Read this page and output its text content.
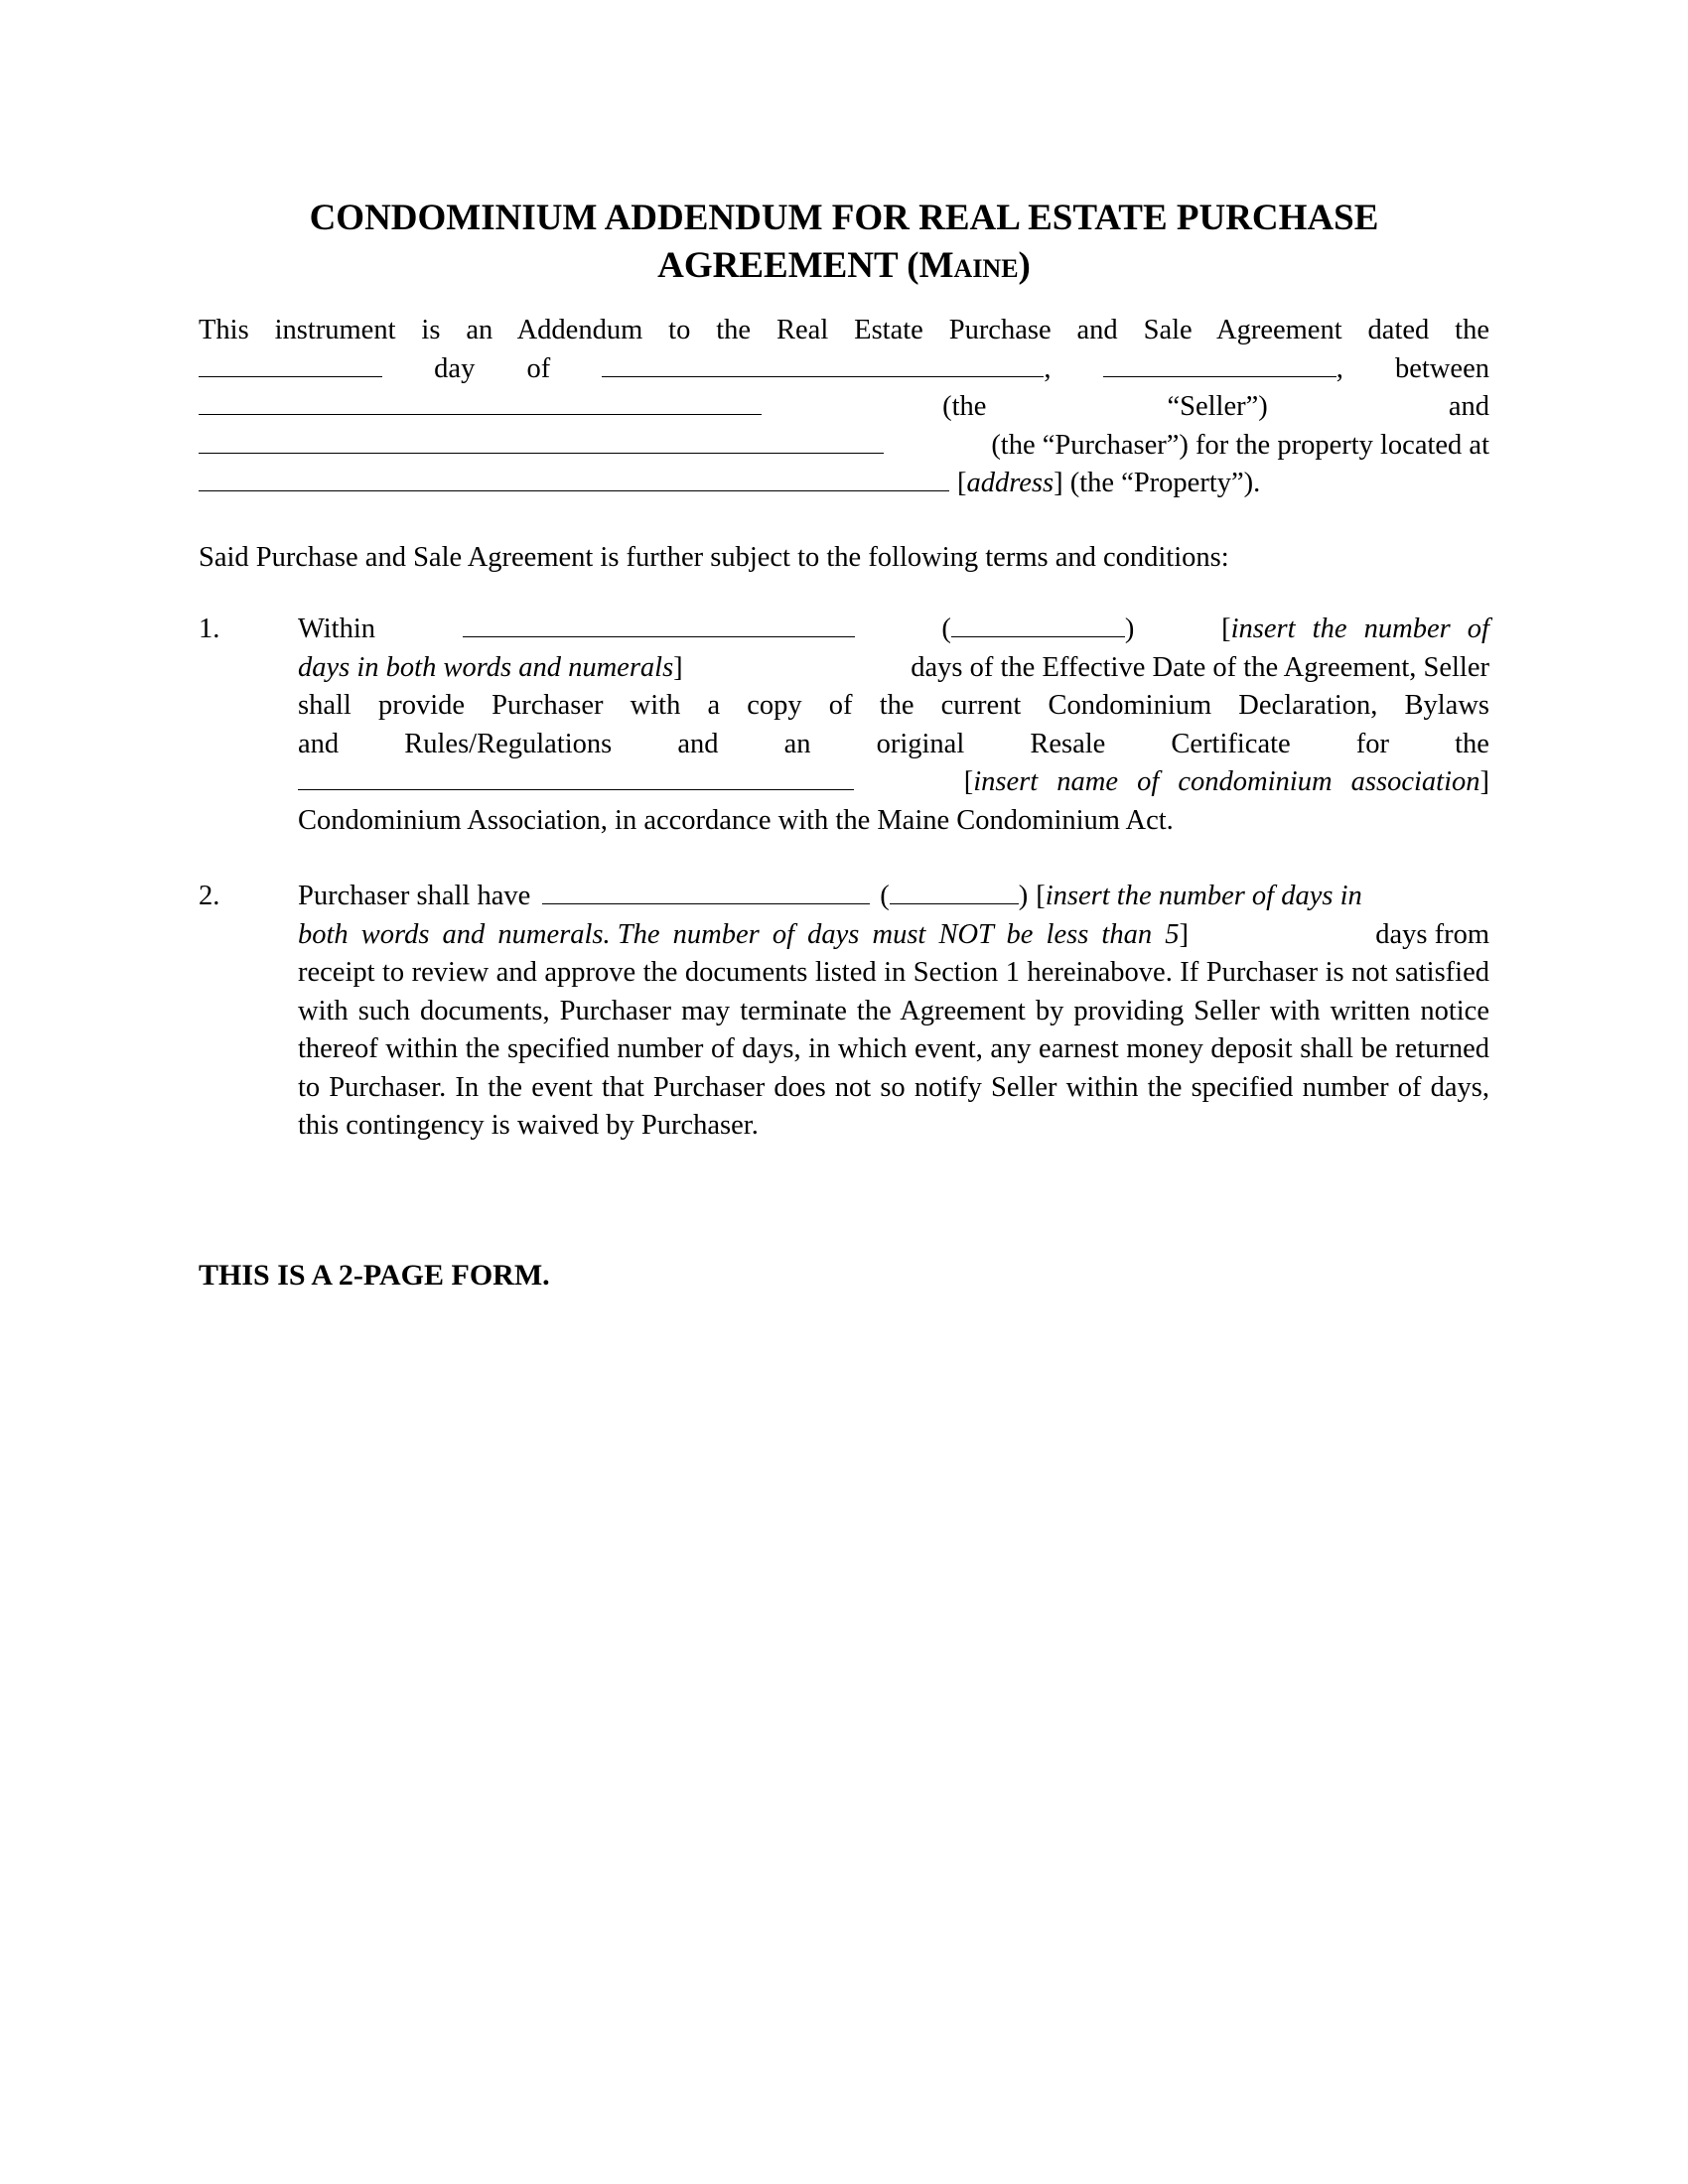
CONDOMINIUM ADDENDUM FOR REAL ESTATE PURCHASE
AGREEMENT (Maine)
This instrument is an Addendum to the Real Estate Purchase and Sale Agreement dated the
day of	,	, between
(the	“Seller”)	and
(the “Purchaser”) for the property located at
[address] (the “Property”).

Said Purchase and Sale Agreement is further subject to the following terms and conditions:

1.	Within	(	)	[insert the number of
days in both words and numerals]	days of the Effective Date of the Agreement, Seller
shall provide Purchaser with a copy of the current Condominium Declaration, Bylaws
and Rules/Regulations and an original Resale Certificate for the
[insert name of condominium association]
Condominium Association, in accordance with the Maine Condominium Act.
2.	Purchaser shall have	(	) [insert the number of days in
both words and numerals. The number of days must NOT be less than 5]	days from
receipt to review and approve the documents listed in Section 1 hereinabove. If Purchaser is not satisfied with such documents, Purchaser may terminate the Agreement by providing Seller with written notice thereof within the specified number of days, in which event, any earnest money deposit shall be returned to Purchaser. In the event that Purchaser does not so notify Seller within the specified number of days, this contingency is waived by Purchaser.
THIS IS A 2-PAGE FORM.
